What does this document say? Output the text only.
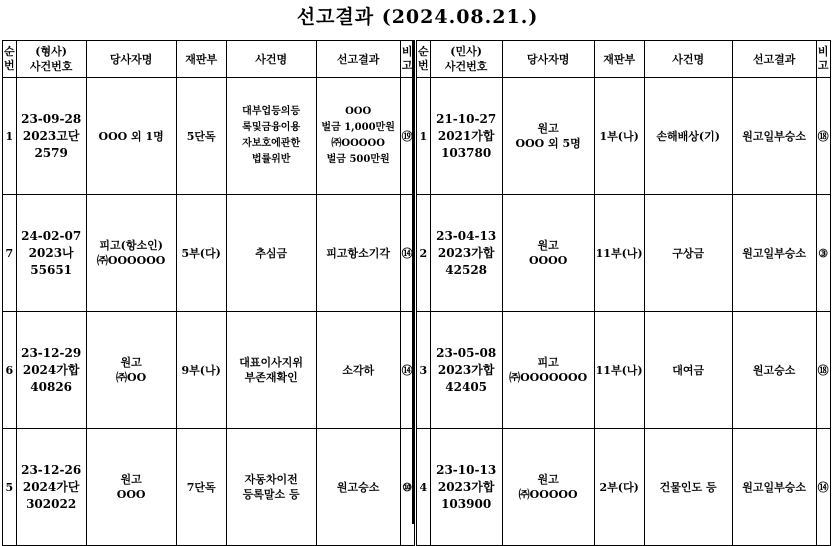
선고결과 (2024.08.21.)
순
번	(형사)
사건번호	당사자명	재판부	사건명	선고결과	비
고
1	23-09-28
2023고단
2579	OOO 외 1명	5단독	대부업등의등
록및금융이용
자보호에관한
법률위반	OOO
벌금 1,000만원
㈜OOOOO
벌금 500만원	⑲
7	24-02-07
2023나
55651	피고(항소인)
㈜OOOOOO	5부(다)	추심금	피고항소기각	⑭
6	23-12-29
2024가합
40826	원고
㈜OO	9부(나)	대표이사지위
부존재확인	소각하	⑭
5	23-12-26
2024가단
302022	원고
OOO	7단독	자동차이전
등록말소 등	원고승소	⑩
순
번	(민사)
사건번호	당사자명	재판부	사건명	선고결과	비
고
1	21-10-27
2021가합
103780	원고
OOO 외 5명	1부(나)	손해배상(기)	원고일부승소	⑱
2	23-04-13
2023가합
42528	원고
OOOO	11부(나)	구상금	원고일부승소	③
3	23-05-08
2023가합
42405	피고
㈜OOOOOOO	11부(나)	대여금	원고승소	⑱
4	23-10-13
2023가합
103900	원고
㈜OOOOO	2부(다)	건물인도 등	원고일부승소	⑭
